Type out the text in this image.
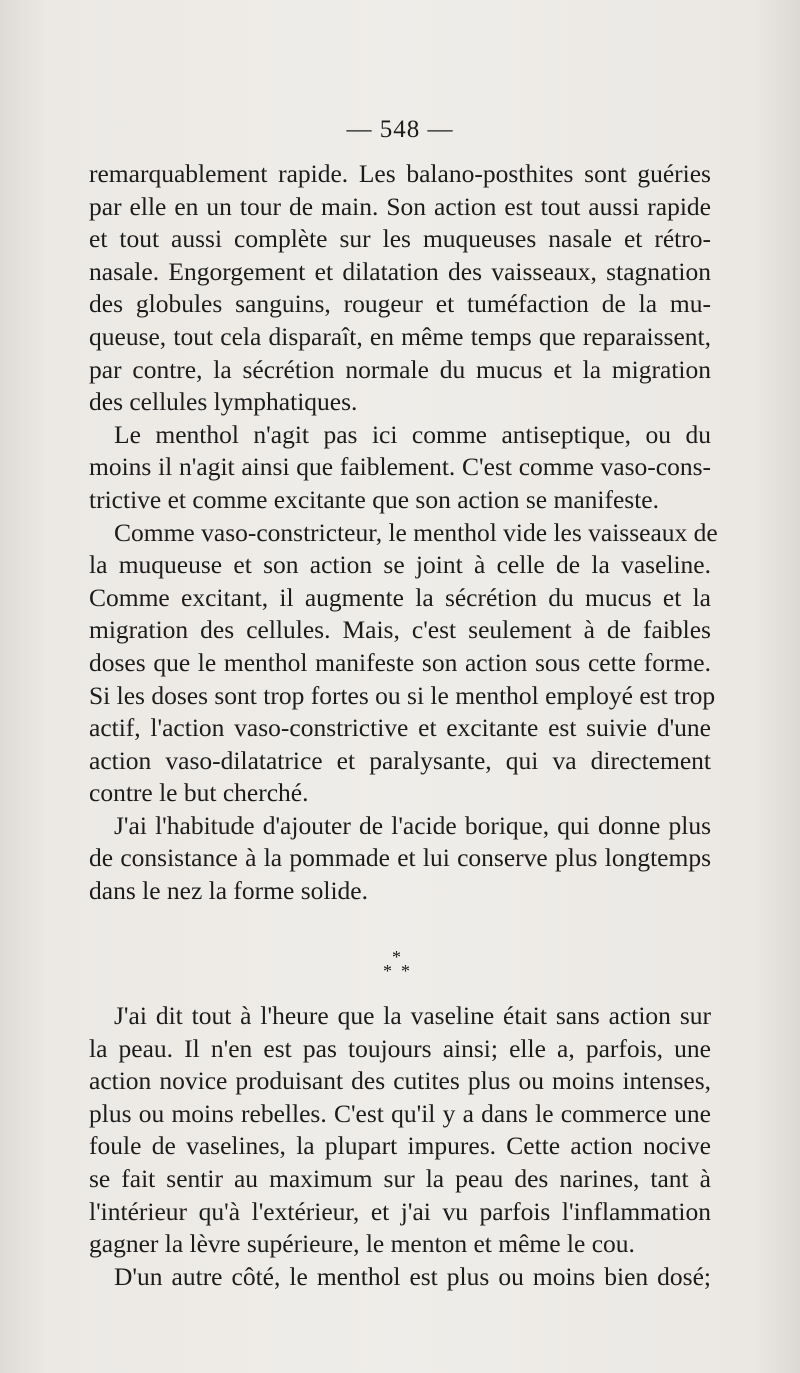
— 548 —
remarquablement rapide. Les balano-posthites sont guéries
par elle en un tour de main. Son action est tout aussi rapide
et tout aussi complète sur les muqueuses nasale et rétro-
nasale. Engorgement et dilatation des vaisseaux, stagnation
des globules sanguins, rougeur et tuméfaction de la mu-
queuse, tout cela disparaît, en même temps que reparaissent,
par contre, la sécrétion normale du mucus et la migration
des cellules lymphatiques.
Le menthol n'agit pas ici comme antiseptique, ou du
moins il n'agit ainsi que faiblement. C'est comme vaso-cons-
trictive et comme excitante que son action se manifeste.
Comme vaso-constricteur, le menthol vide les vaisseaux de
la muqueuse et son action se joint à celle de la vaseline.
Comme excitant, il augmente la sécrétion du mucus et la
migration des cellules. Mais, c'est seulement à de faibles
doses que le menthol manifeste son action sous cette forme.
Si les doses sont trop fortes ou si le menthol employé est trop
actif, l'action vaso-constrictive et excitante est suivie d'une
action vaso-dilatatrice et paralysante, qui va directement
contre le but cherché.
J'ai l'habitude d'ajouter de l'acide borique, qui donne plus
de consistance à la pommade et lui conserve plus longtemps
dans le nez la forme solide.
*
* *
J'ai dit tout à l'heure que la vaseline était sans action sur
la peau. Il n'en est pas toujours ainsi; elle a, parfois, une
action novice produisant des cutites plus ou moins intenses,
plus ou moins rebelles. C'est qu'il y a dans le commerce une
foule de vaselines, la plupart impures. Cette action nocive
se fait sentir au maximum sur la peau des narines, tant à
l'intérieur qu'à l'extérieur, et j'ai vu parfois l'inflammation
gagner la lèvre supérieure, le menton et même le cou.
D'un autre côté, le menthol est plus ou moins bien dosé;
